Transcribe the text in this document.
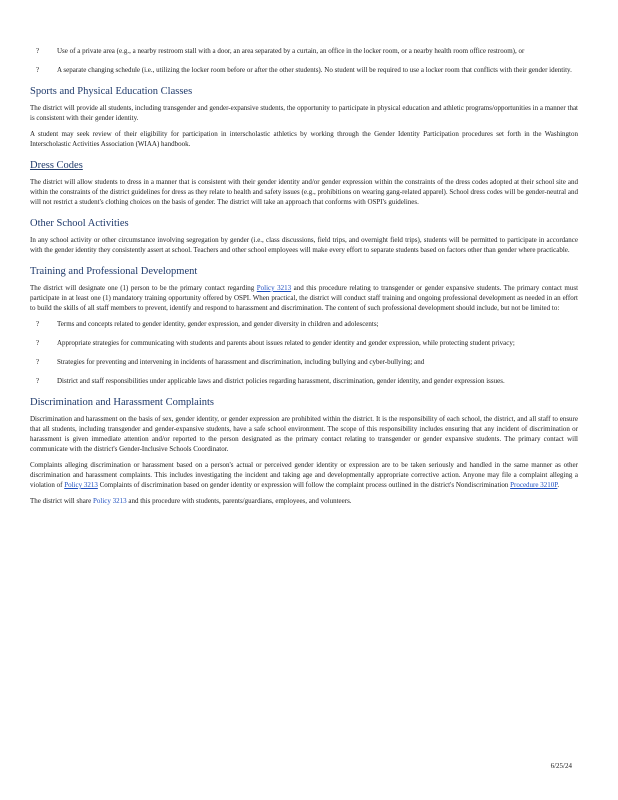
?	Use of a private area (e.g., a nearby restroom stall with a door, an area separated by a curtain, an office in the locker room, or a nearby health room office restroom), or
?	A separate changing schedule (i.e., utilizing the locker room before or after the other students). No student will be required to use a locker room that conflicts with their gender identity.
Sports and Physical Education Classes

The district will provide all students, including transgender and gender-expansive students, the opportunity to participate in physical education and athletic programs/opportunities in a manner that is consistent with their gender identity.

A student may seek review of their eligibility for participation in interscholastic athletics by working through the Gender Identity Participation procedures set forth in the Washington Interscholastic Activities Association (WIAA) handbook.

Dress Codes

The district will allow students to dress in a manner that is consistent with their gender identity and/or gender expression within the constraints of the dress codes adopted at their school site and within the constraints of the district guidelines for dress as they relate to health and safety issues (e.g., prohibitions on wearing gang-related apparel). School dress codes will be gender-neutral and will not restrict a student's clothing choices on the basis of gender. The district will take an approach that conforms with OSPI's guidelines.

Other School Activities

In any school activity or other circumstance involving segregation by gender (i.e., class discussions, field trips, and overnight field trips), students will be permitted to participate in accordance with the gender identity they consistently assert at school. Teachers and other school employees will make every effort to separate students based on factors other than gender where practicable.

Training and Professional Development

The district will designate one (1) person to be the primary contact regarding Policy 3213 and this procedure relating to transgender or gender expansive students. The primary contact must participate in at least one (1) mandatory training opportunity offered by OSPI. When practical, the district will conduct staff training and ongoing professional development as needed in an effort to build the skills of all staff members to prevent, identify and respond to harassment and discrimination. The content of such professional development should include, but not be limited to:

?	Terms and concepts related to gender identity, gender expression, and gender diversity in children and adolescents;
?	Appropriate strategies for communicating with students and parents about issues related to gender identity and gender expression, while protecting student privacy;
?	Strategies for preventing and intervening in incidents of harassment and discrimination, including bullying and cyber-bullying; and
?	District and staff responsibilities under applicable laws and district policies regarding harassment, discrimination, gender identity, and gender expression issues.
Discrimination and Harassment Complaints

Discrimination and harassment on the basis of sex, gender identity, or gender expression are prohibited within the district. It is the responsibility of each school, the district, and all staff to ensure that all students, including transgender and gender-expansive students, have a safe school environment. The scope of this responsibility includes ensuring that any incident of discrimination or harassment is given immediate attention and/or reported to the person designated as the primary contact relating to transgender or gender expansive students. The primary contact will communicate with the district's Gender-Inclusive Schools Coordinator.

Complaints alleging discrimination or harassment based on a person's actual or perceived gender identity or expression are to be taken seriously and handled in the same manner as other discrimination and harassment complaints. This includes investigating the incident and taking age and developmentally appropriate corrective action. Anyone may file a complaint alleging a violation of Policy 3213 Complaints of discrimination based on gender identity or expression will follow the complaint process outlined in the district's Nondiscrimination Procedure 3210P.

The district will share Policy 3213 and this procedure with students, parents/guardians, employees, and volunteers.

6/25/24
